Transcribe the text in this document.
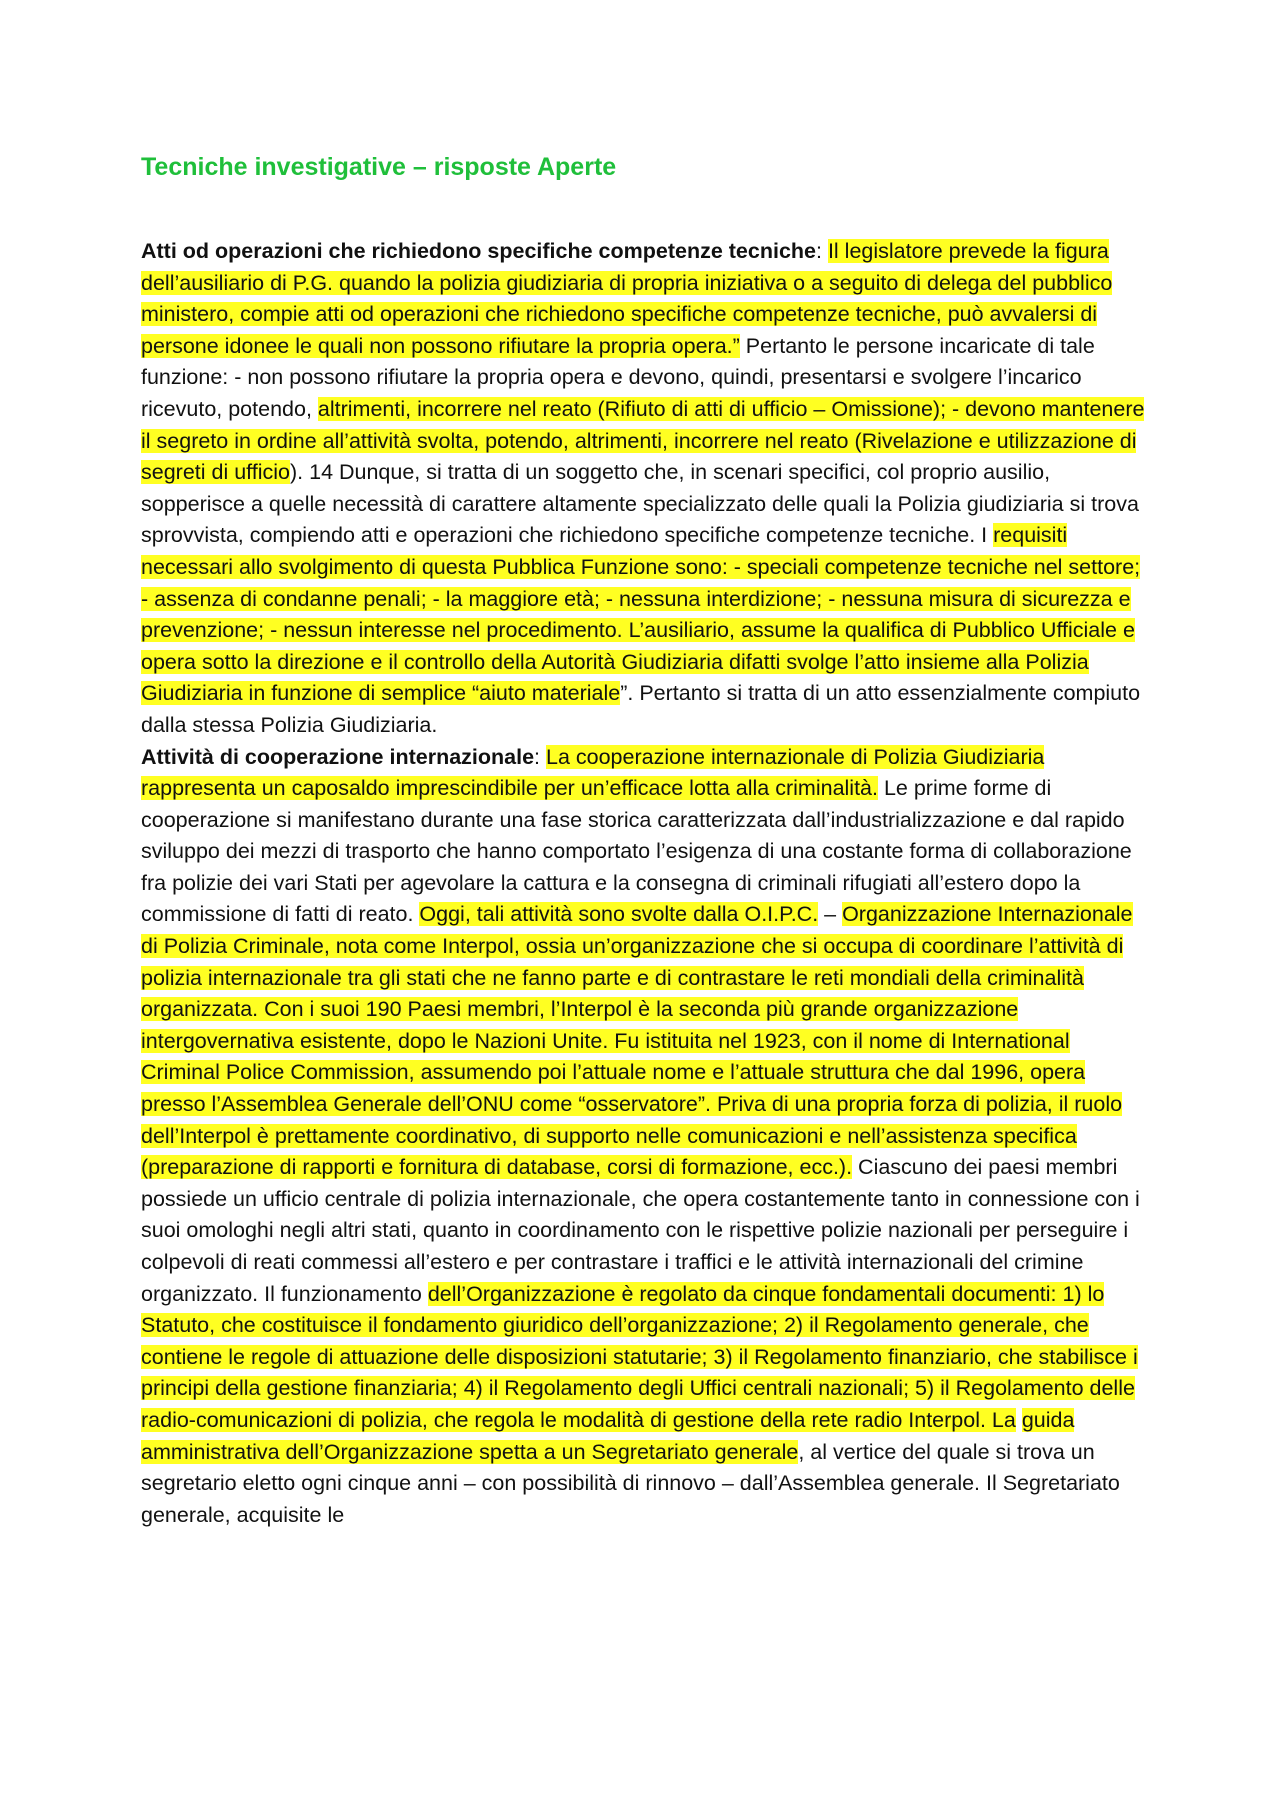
Tecniche investigative – risposte Aperte

Atti od operazioni che richiedono specifiche competenze tecniche: Il legislatore prevede la figura dell’ausiliario di P.G. quando la polizia giudiziaria di propria iniziativa o a seguito di delega del pubblico ministero, compie atti od operazioni che richiedono specifiche competenze tecniche, può avvalersi di persone idonee le quali non possono rifiutare la propria opera.” Pertanto le persone incaricate di tale funzione: - non possono rifiutare la propria opera e devono, quindi, presentarsi e svolgere l’incarico ricevuto, potendo, altrimenti, incorrere nel reato (Rifiuto di atti di ufficio – Omissione); - devono mantenere il segreto in ordine all’attività svolta, potendo, altrimenti, incorrere nel reato (Rivelazione e utilizzazione di segreti di ufficio). 14 Dunque, si tratta di un soggetto che, in scenari specifici, col proprio ausilio, sopperisce a quelle necessità di carattere altamente specializzato delle quali la Polizia giudiziaria si trova sprovvista, compiendo atti e operazioni che richiedono specifiche competenze tecniche. I requisiti necessari allo svolgimento di questa Pubblica Funzione sono: - speciali competenze tecniche nel settore; - assenza di condanne penali; - la maggiore età; - nessuna interdizione; - nessuna misura di sicurezza e prevenzione; - nessun interesse nel procedimento. L’ausiliario, assume la qualifica di Pubblico Ufficiale e opera sotto la direzione e il controllo della Autorità Giudiziaria difatti svolge l’atto insieme alla Polizia Giudiziaria in funzione di semplice “aiuto materiale”. Pertanto si tratta di un atto essenzialmente compiuto dalla stessa Polizia Giudiziaria.

Attività di cooperazione internazionale: La cooperazione internazionale di Polizia Giudiziaria rappresenta un caposaldo imprescindibile per un’efficace lotta alla criminalità. Le prime forme di cooperazione si manifestano durante una fase storica caratterizzata dall’industrializzazione e dal rapido sviluppo dei mezzi di trasporto che hanno comportato l’esigenza di una costante forma di collaborazione fra polizie dei vari Stati per agevolare la cattura e la consegna di criminali rifugiati all’estero dopo la commissione di fatti di reato. Oggi, tali attività sono svolte dalla O.I.P.C. – Organizzazione Internazionale di Polizia Criminale, nota come Interpol, ossia un’organizzazione che si occupa di coordinare l’attività di polizia internazionale tra gli stati che ne fanno parte e di contrastare le reti mondiali della criminalità organizzata. Con i suoi 190 Paesi membri, l’Interpol è la seconda più grande organizzazione intergovernativa esistente, dopo le Nazioni Unite. Fu istituita nel 1923, con il nome di International Criminal Police Commission, assumendo poi l’attuale nome e l’attuale struttura che dal 1996, opera presso l’Assemblea Generale dell’ONU come “osservatore”. Priva di una propria forza di polizia, il ruolo dell’Interpol è prettamente coordinativo, di supporto nelle comunicazioni e nell’assistenza specifica (preparazione di rapporti e fornitura di database, corsi di formazione, ecc.). Ciascuno dei paesi membri possiede un ufficio centrale di polizia internazionale, che opera costantemente tanto in connessione con i suoi omologhi negli altri stati, quanto in coordinamento con le rispettive polizie nazionali per perseguire i colpevoli di reati commessi all’estero e per contrastare i traffici e le attività internazionali del crimine organizzato. Il funzionamento dell’Organizzazione è regolato da cinque fondamentali documenti: 1) lo Statuto, che costituisce il fondamento giuridico dell’organizzazione; 2) il Regolamento generale, che contiene le regole di attuazione delle disposizioni statutarie; 3) il Regolamento finanziario, che stabilisce i principi della gestione finanziaria; 4) il Regolamento degli Uffici centrali nazionali; 5) il Regolamento delle radio-comunicazioni di polizia, che regola le modalità di gestione della rete radio Interpol. La guida amministrativa dell’Organizzazione spetta a un Segretariato generale, al vertice del quale si trova un segretario eletto ogni cinque anni – con possibilità di rinnovo – dall’Assemblea generale. Il Segretariato generale, acquisite le
